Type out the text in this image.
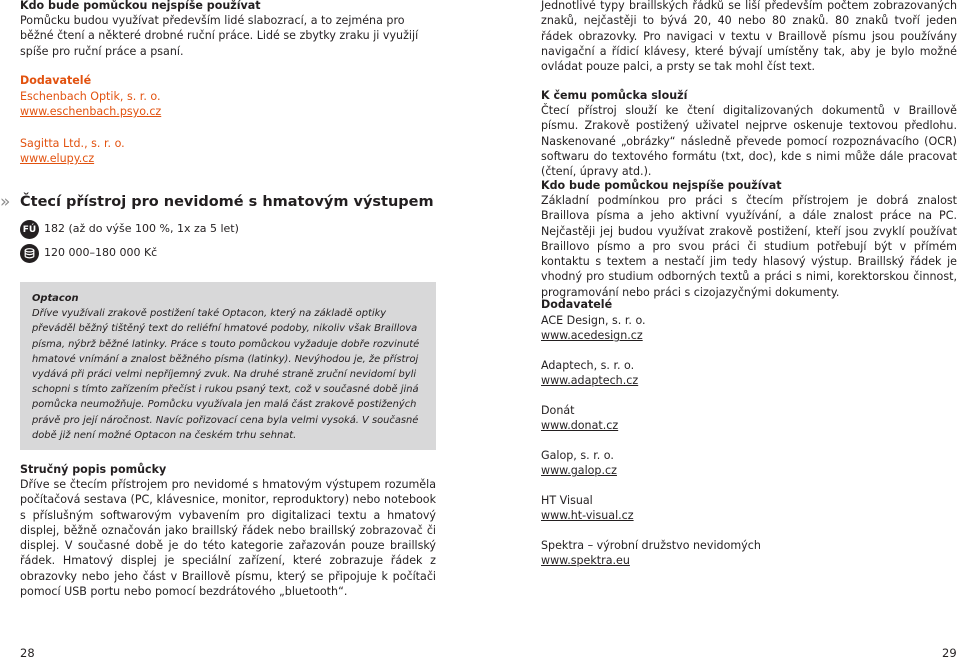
Kdo bude pomůckou nejspíše používat

Pomůcku budou využívat především lidé slabozrací, a to zejména pro běžné čtení a některé drobné ruční práce. Lidé se zbytky zraku ji využijí spíše pro ruční práce a psaní.

Dodavatelé

Eschenbach Optik, s. r. o.

www.eschenbach.psyo.cz

Sagitta Ltd., s. r. o.

www.elupy.cz

» Čtecí přístroj pro nevidomé s hmatovým výstupem
FÚ 182 (až do výše 100 %, 1x za 5 let)
120 000–180 000 Kč
Optacon
Dříve využívali zrakově postižení také Optacon, který na základě optiky převáděl běžný tištěný text do reliéfní hmatové podoby, nikoliv však Braillova písma, nýbrž běžné latinky. Práce s touto pomůckou vyžaduje dobře rozvinuté hmatové vnímání a znalost běžného písma (latinky). Nevýhodou je, že přístroj vydává při práci velmi nepříjemný zvuk. Na druhé straně zruční nevidomí byli schopni s tímto zařízením přečíst i rukou psaný text, což v současné době jiná pomůcka neumožňuje. Pomůcku využívala jen malá část zrakově postižených právě pro její náročnost. Navíc pořizovací cena byla velmi vysoká. V současné době již není možné Optacon na českém trhu sehnat.

Stručný popis pomůcky

Dříve se čtecím přístrojem pro nevidomé s hmatovým výstupem rozuměla počítačová sestava (PC, klávesnice, monitor, reproduktory) nebo notebook s příslušným softwarovým vybavením pro digitalizaci textu a hmatový displej, běžně označován jako braillský řádek nebo braillský zobrazovač či displej. V současné době je do této kategorie zařazován pouze braillský řádek. Hmatový displej je speciální zařízení, které zobrazuje řádek z obrazovky nebo jeho část v Braillově písmu, který se připojuje k počítači pomocí USB portu nebo pomocí bezdrátového „bluetooth“.

28

Jednotlivé typy braillských řádků se liší především počtem zobrazovaných znaků, nejčastěji to bývá 20, 40 nebo 80 znaků. 80 znaků tvoří jeden řádek obrazovky. Pro navigaci v textu v Braillově písmu jsou používány navigační a řídicí klávesy, které bývají umístěny tak, aby je bylo možné ovládat pouze palci, a prsty se tak mohl číst text.

K čemu pomůcka slouží

Čtecí přístroj slouží ke čtení digitalizovaných dokumentů v Braillově písmu. Zrakově postižený uživatel nejprve oskenuje textovou předlohu. Naskenované „obrázky“ následně převede pomocí rozpoznávacího (OCR) softwaru do textového formátu (txt, doc), kde s nimi může dále pracovat (čtení, úpravy atd.).

Kdo bude pomůckou nejspíše používat

Základní podmínkou pro práci s čtecím přístrojem je dobrá znalost Braillova písma a jeho aktivní využívání, a dále znalost práce na PC. Nejčastěji jej budou využívat zrakově postižení, kteří jsou zvyklí používat Braillovo písmo a pro svou práci či studium potřebují být v přímém kontaktu s textem a nestačí jim tedy hlasový výstup. Braillský řádek je vhodný pro studium odborných textů a práci s nimi, korektorskou činnost, programování nebo práci s cizojazyčnými dokumenty.

Dodavatelé

ACE Design, s. r. o.

www.acedesign.cz

Adaptech, s. r. o.

www.adaptech.cz

Donát

www.donat.cz

Galop, s. r. o.

www.galop.cz

HT Visual

www.ht-visual.cz

Spektra – výrobní družstvo nevidomých

www.spektra.eu

29
